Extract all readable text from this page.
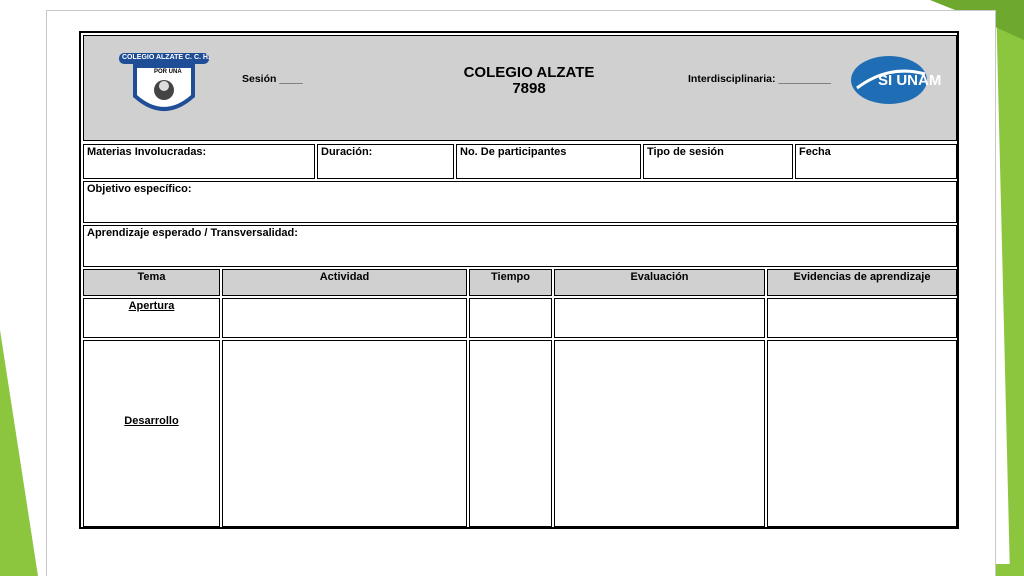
COLEGIO ALZATE C. C. H.
POR UNA
Sesión ____	Interdisciplinaria: _________	SI UNAM
COLEGIO ALZATE
7898
Materias Involucradas:	Duración:	No. De participantes	Tipo de sesión	Fecha
Objetivo específico:
Aprendizaje esperado / Transversalidad:
Tema	Actividad	Tiempo	Evaluación	Evidencias de aprendizaje
Apertura
Desarrollo
